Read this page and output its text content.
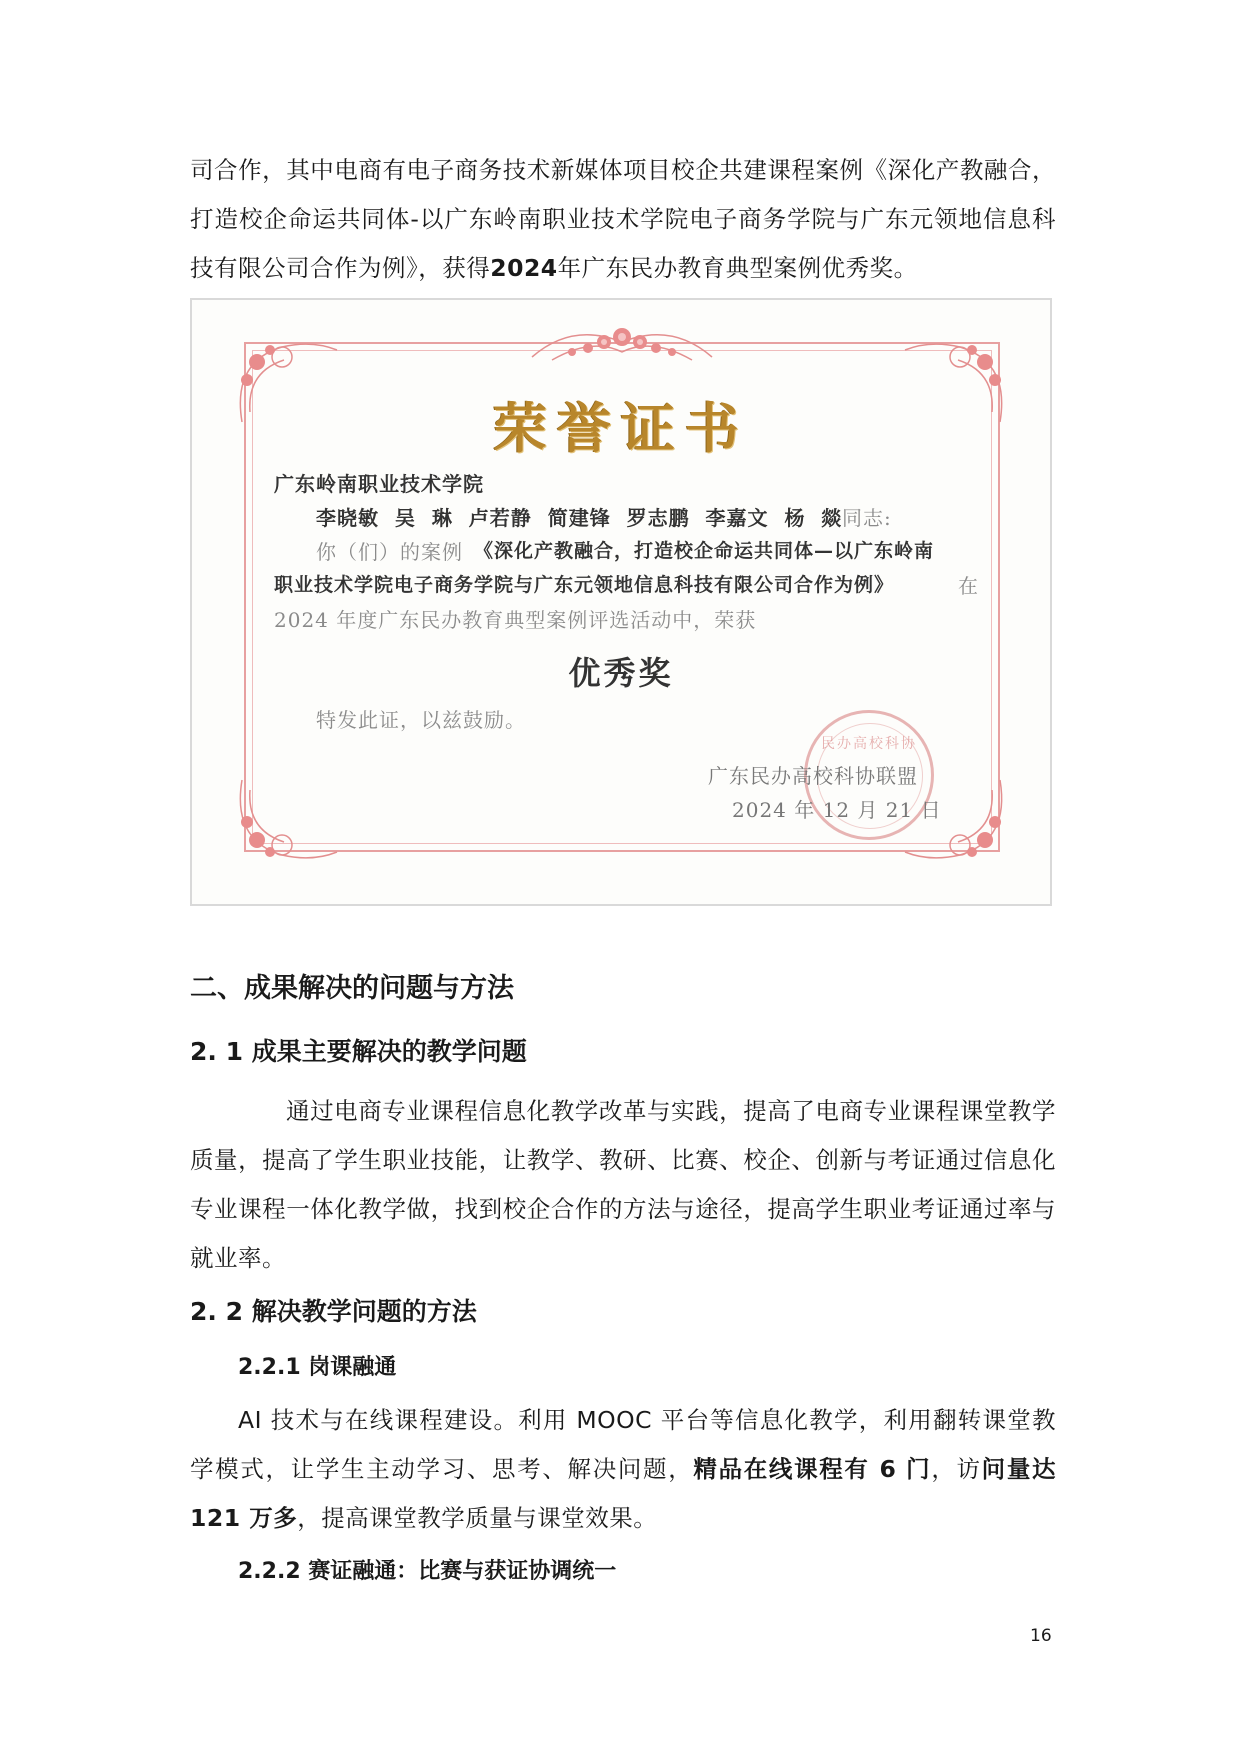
司合作，其中电商有电子商务技术新媒体项目校企共建课程案例《深化产教融合，打造校企命运共同体-以广东岭南职业技术学院电子商务学院与广东元领地信息科技有限公司合作为例》，获得2024年广东民办教育典型案例优秀奖。

荣誉证书
广东岭南职业技术学院
李晓敏  吴  琳  卢若静  简建锋  罗志鹏  李嘉文  杨  燚 同志:
你（们）的案例 《深化产教融合，打造校企命运共同体—以广东岭南
职业技术学院电子商务学院与广东元领地信息科技有限公司合作为例》	在
2024 年度广东民办教育典型案例评选活动中，荣获
优秀奖
特发此证，以兹鼓励。
民办高校科协
广东民办高校科协联盟
2024 年 12 月 21 日
二、成果解决的问题与方法
2. 1 成果主要解决的教学问题

通过电商专业课程信息化教学改革与实践，提高了电商专业课程课堂教学质量，提高了学生职业技能，让教学、教研、比赛、校企、创新与考证通过信息化专业课程一体化教学做，找到校企合作的方法与途径，提高学生职业考证通过率与就业率。

2. 2 解决教学问题的方法
2.2.1 岗课融通

AI 技术与在线课程建设。利用 MOOC 平台等信息化教学，利用翻转课堂教学模式，让学生主动学习、思考、解决问题，精品在线课程有 6 门，访问量达 121 万多，提高课堂教学质量与课堂效果。

2.2.2 赛证融通：比赛与获证协调统一
16
